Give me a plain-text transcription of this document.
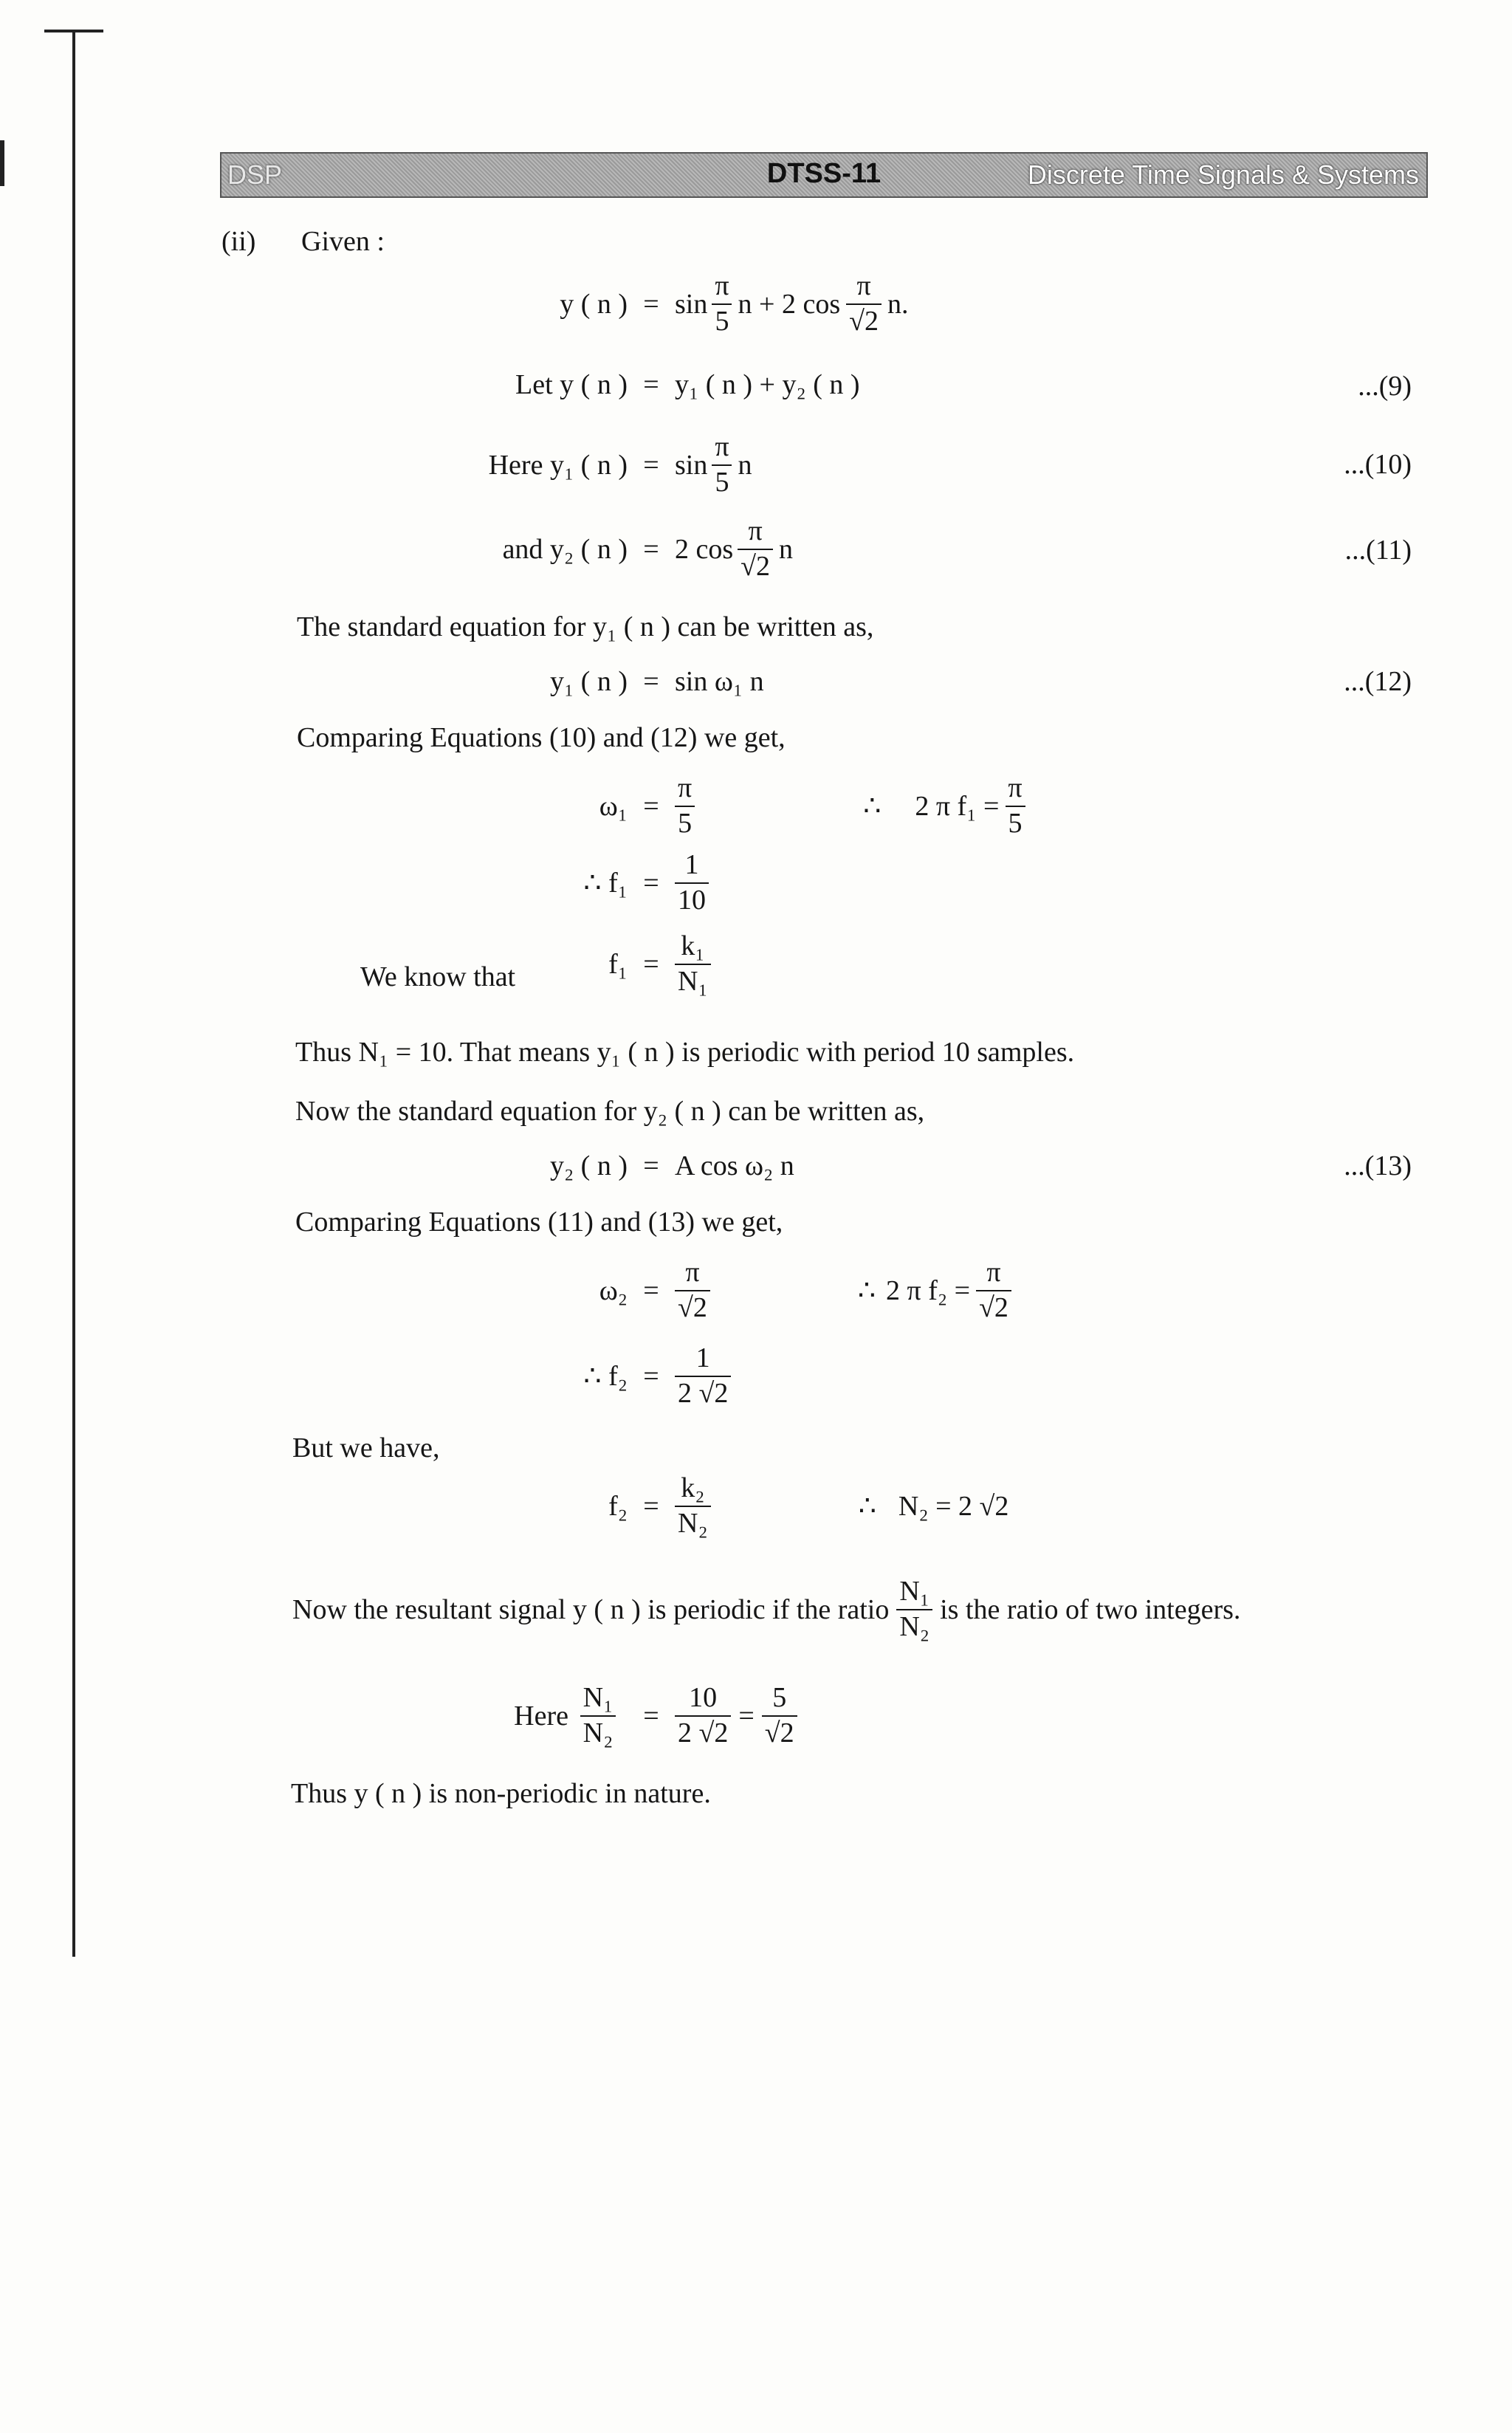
DSP	DTSS-11	Discrete Time Signals & Systems
(ii) Given :
y ( n ) = $\sin \frac{\pi}{5}$ n + 2 $\cos \frac{\pi}{√2} n$.
Let y ( n ) = y₁ ( n ) + y₂ ( n )	...(9)
Here y₁ ( n ) = $\sin \frac{\pi}{5}$ n	...(10)
and y₂ ( n ) = 2 $\cos \frac{\pi}{√2}$ n	...(11)
The standard equation for y₁ ( n ) can be written as,
y₁ ( n ) = sin ω₁ n	...(12)
Comparing Equations (10) and (12) we get,
$\omega_1 = \frac{\pi}{5}$	∴ 2 π $f_1 = \frac{\pi}{5}$
∴ $f_1 = \frac{1}{10}$
We know that	$f_1 = \frac{\text{k₁}}{\text{N₁}}$
Thus N₁ = 10. That means y₁ ( n ) is periodic with period 10 samples.
Now the standard equation for y₂ ( n ) can be written as,
y₂ ( n ) = A cos ω₂ n	...(13)
Comparing Equations (11) and (13) we get,
$\omega_2 = \frac{\pi}{√2}$	∴ 2 π $f_2 = \frac{\pi}{√2}$
∴ $f_2 = \frac{1}{2 √2}$
But we have,
$f_2 = \frac{\text{k₂}}{\text{N₂}}$	∴ N₂ = 2 √2
Now the resultant signal y ( n ) is periodic if the ratio $\frac{\text{N₁}}{\text{N₂}}$ is the ratio of two integers.
Here $\frac{\text{N₁}}{\text{N₂}} = \frac{10}{2 √2} = \frac{5}{√2}$
Thus y ( n ) is non-periodic in nature.
